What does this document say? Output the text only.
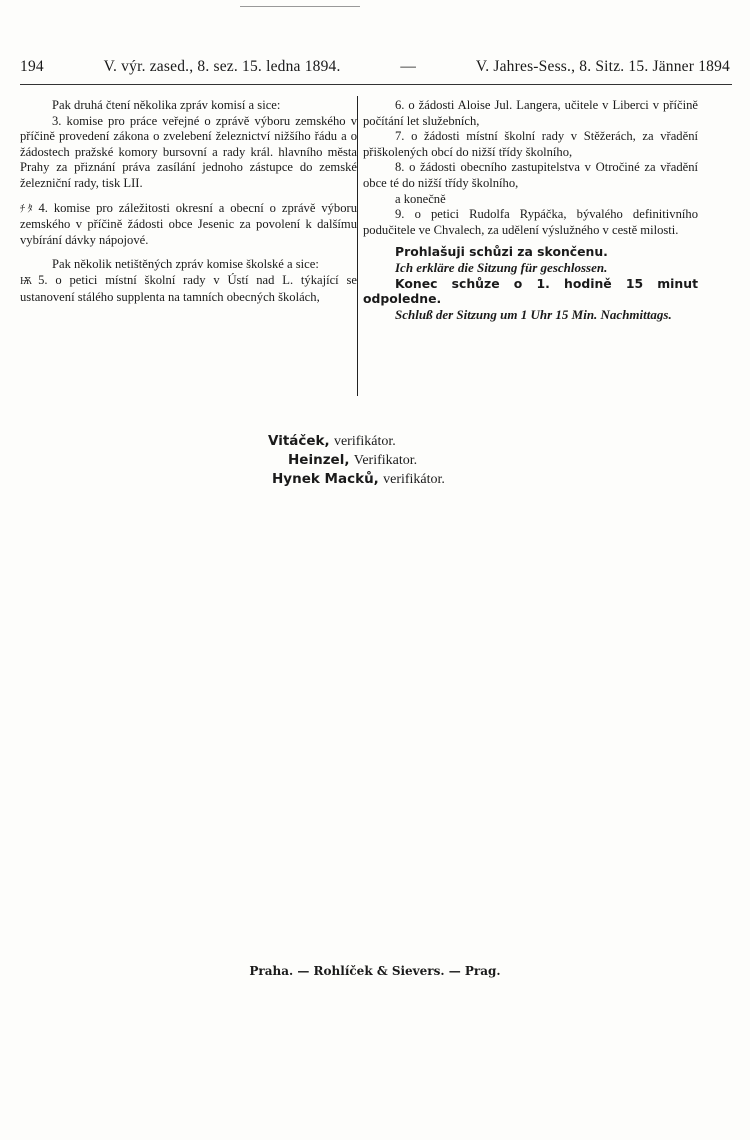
194	V. výr. zased., 8. sez. 15. ledna 1894.	—	V. Jahres-Sess., 8. Sitz. 15. Jänner 1894

Pak druhá čtení několika zpráv komisí a sice:

3. komise pro práce veřejné o zprávě výboru zemského v příčině provedení zákona o zvelebení železnictví nižšího řádu a o žádostech pražské komory bursovní a rady král. hlavního města Prahy za přiznání práva zasílání jednoho zástupce do zemské železniční rady, tisk LII.

ﾁ ﾀ 4. komise pro záležitosti okresní a obecní o zprávě výboru zemského v příčině žádosti obce Jesenic za povolení k dalšímu vybírání dávky nápojové.

Pak několik netištěných zpráv komise školské a sice:

Ѭ 5. o petici místní školní rady v Ústí nad L. týkající se ustanovení stálého supplenta na tamních obecných školách,

6. o žádosti Aloise Jul. Langera, učitele v Liberci v příčině počítání let služebních,

7. o žádosti místní školní rady v Stěžerách, za vřadění přiškolených obcí do nižší třídy školního,

8. o žádosti obecního zastupitelstva v Otročiné za vřadění obce té do nižší třídy školního,

a konečně

9. o petici Rudolfa Rypáčka, bývalého definitivního podučitele ve Chvalech, za udělení výslužného v cestě milosti.

Prohlašuji schůzi za skončenu.

Ich erkläre die Sitzung für geschlossen.

Konec schůze o 1. hodině 15 minut odpoledne.

Schluß der Sitzung um 1 Uhr 15 Min. Nachmittags.

Vitáček, verifikátor.
Heinzel, Verifikator.
Hynek Macků, verifikátor.
Praha. — Rohlíček & Sievers. — Prag.
